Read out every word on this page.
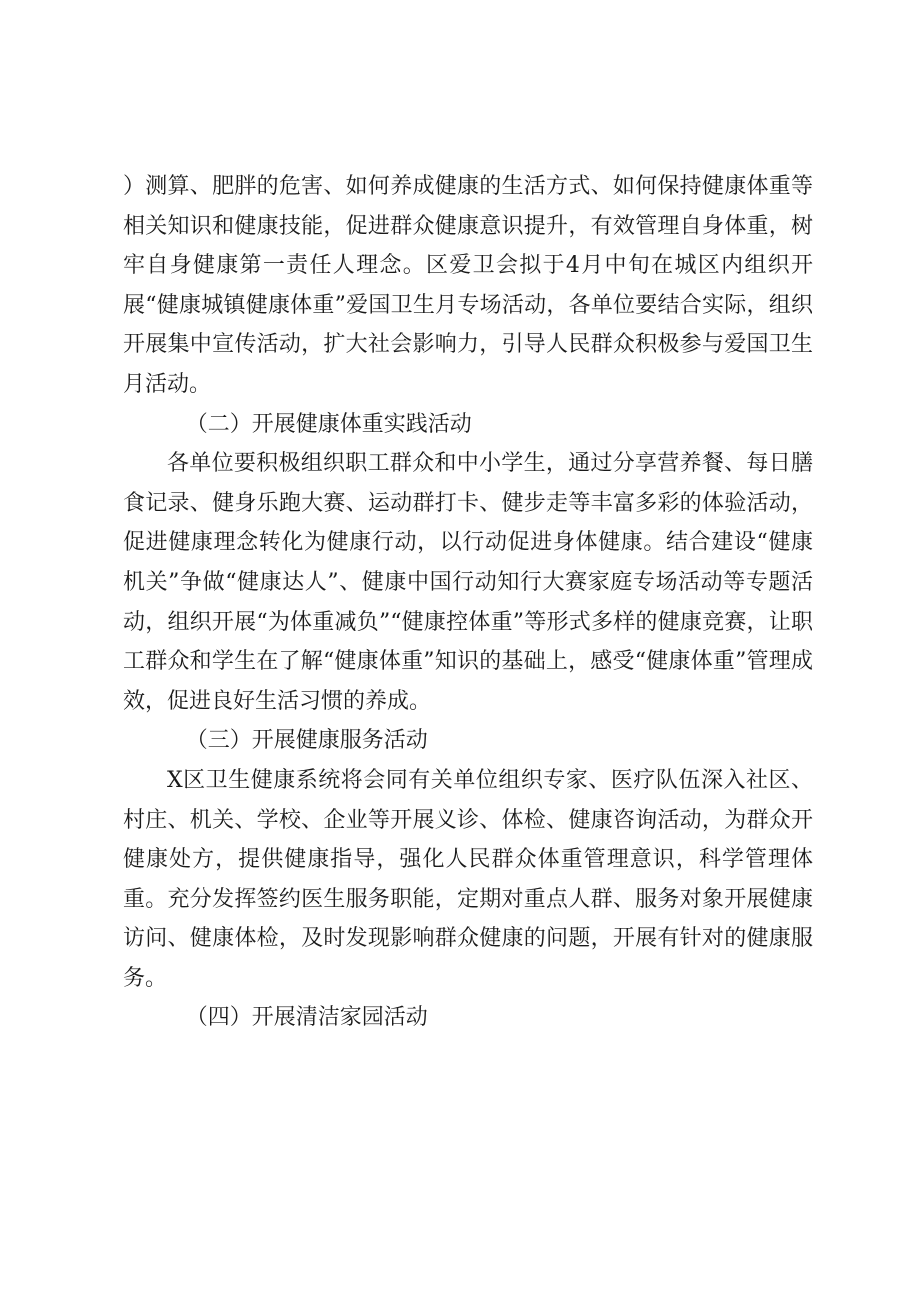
）测算、肥胖的危害、如何养成健康的生活方式、如何保持健康体重等相关知识和健康技能，促进群众健康意识提升，有效管理自身体重，树牢自身健康第一责任人理念。区爱卫会拟于4月中旬在城区内组织开展“健康城镇健康体重”爱国卫生月专场活动，各单位要结合实际，组织开展集中宣传活动，扩大社会影响力，引导人民群众积极参与爱国卫生月活动。

（二）开展健康体重实践活动

各单位要积极组织职工群众和中小学生，通过分享营养餐、每日膳食记录、健身乐跑大赛、运动群打卡、健步走等丰富多彩的体验活动，促进健康理念转化为健康行动，以行动促进身体健康。结合建设“健康机关”争做“健康达人”、健康中国行动知行大赛家庭专场活动等专题活动，组织开展“为体重减负”“健康控体重”等形式多样的健康竞赛，让职工群众和学生在了解“健康体重”知识的基础上，感受“健康体重”管理成效，促进良好生活习惯的养成。

（三）开展健康服务活动

X区卫生健康系统将会同有关单位组织专家、医疗队伍深入社区、村庄、机关、学校、企业等开展义诊、体检、健康咨询活动，为群众开健康处方，提供健康指导，强化人民群众体重管理意识，科学管理体重。充分发挥签约医生服务职能，定期对重点人群、服务对象开展健康访问、健康体检，及时发现影响群众健康的问题，开展有针对的健康服务。

（四）开展清洁家园活动
